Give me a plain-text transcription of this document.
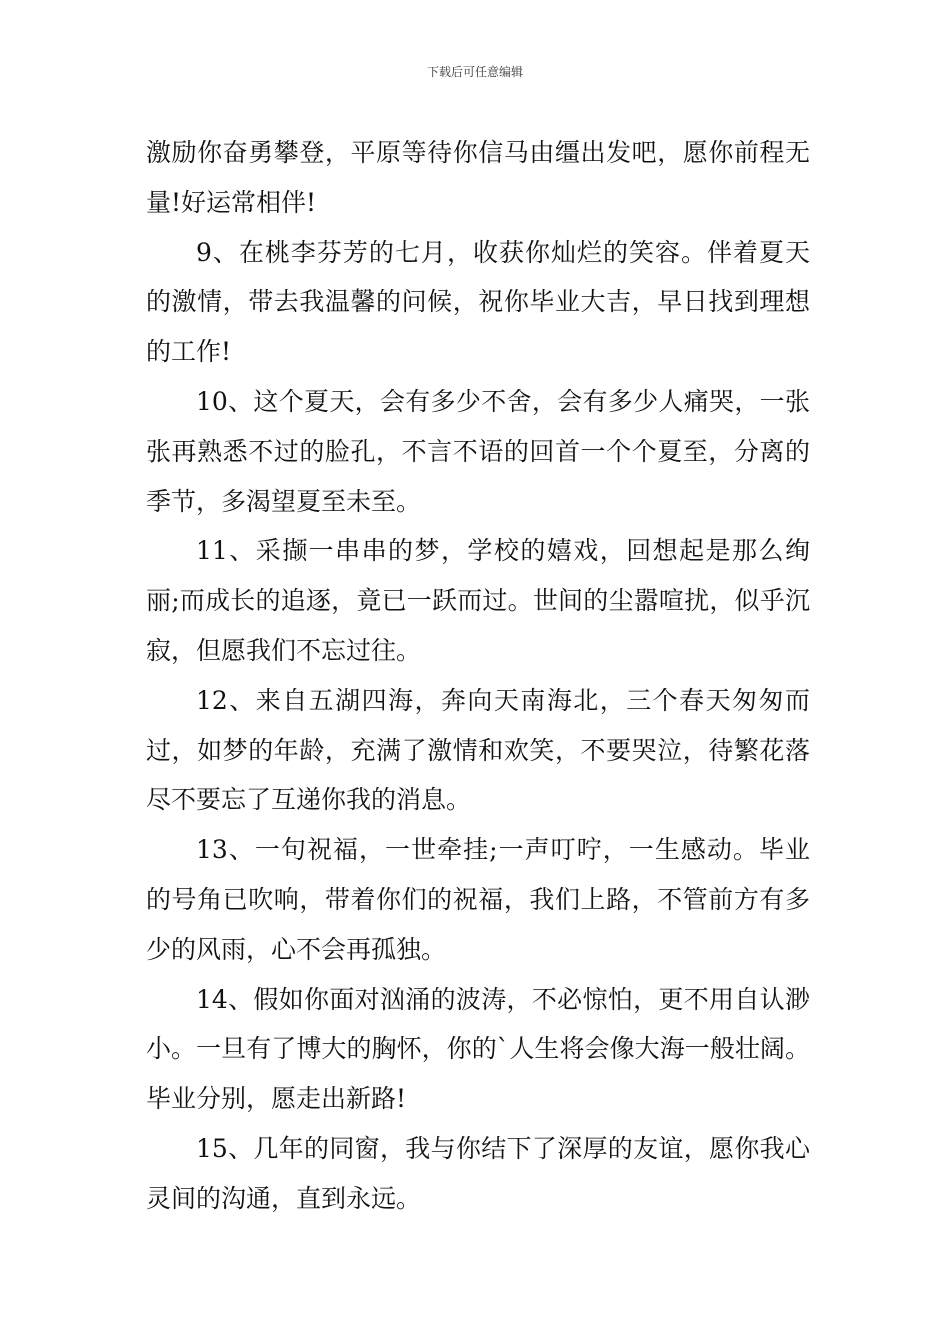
下载后可任意编辑

激励你奋勇攀登，平原等待你信马由缰出发吧，愿你前程无量!好运常相伴!

9、在桃李芬芳的七月，收获你灿烂的笑容。伴着夏天的激情，带去我温馨的问候，祝你毕业大吉，早日找到理想的工作!

10、这个夏天，会有多少不舍，会有多少人痛哭，一张张再熟悉不过的脸孔，不言不语的回首一个个夏至，分离的季节，多渴望夏至未至。

11、采撷一串串的梦，学校的嬉戏，回想起是那么绚丽;而成长的追逐，竟已一跃而过。世间的尘嚣喧扰，似乎沉寂，但愿我们不忘过往。

12、来自五湖四海，奔向天南海北，三个春天匆匆而过，如梦的年龄，充满了激情和欢笑，不要哭泣，待繁花落尽不要忘了互递你我的消息。

13、一句祝福，一世牵挂;一声叮咛，一生感动。毕业的号角已吹响，带着你们的祝福，我们上路，不管前方有多少的风雨，心不会再孤独。

14、假如你面对汹涌的波涛，不必惊怕，更不用自认渺小。一旦有了博大的胸怀，你的`人生将会像大海一般壮阔。毕业分别，愿走出新路!

15、几年的同窗，我与你结下了深厚的友谊，愿你我心灵间的沟通，直到永远。
